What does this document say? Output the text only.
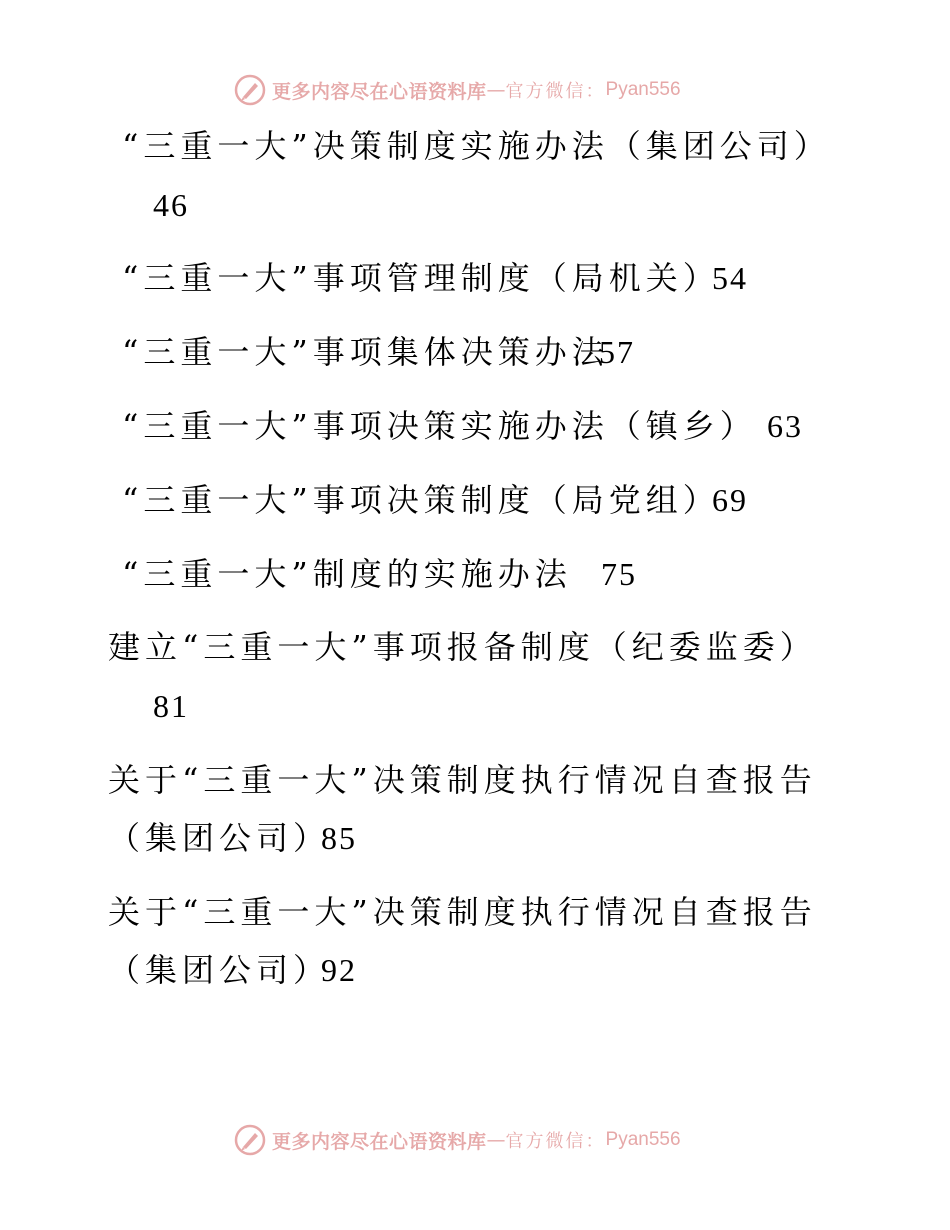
更多内容尽在心语资料库 — 官方微信： Pyan556
“三重一大”决策制度实施办法（集团公司）
46
“三重一大”事项管理制度（局机关）
54
“三重一大”事项集体决策办法
57
“三重一大”事项决策实施办法（镇乡） 63
“三重一大”事项决策制度（局党组）
69
“三重一大”制度的实施办法 75
建立“三重一大”事项报备制度（纪委监委）
81
关于“三重一大”决策制度执行情况自查报告
（集团公司）
85
关于“三重一大”决策制度执行情况自查报告
（集团公司）
92
更多内容尽在心语资料库 — 官方微信： Pyan556
